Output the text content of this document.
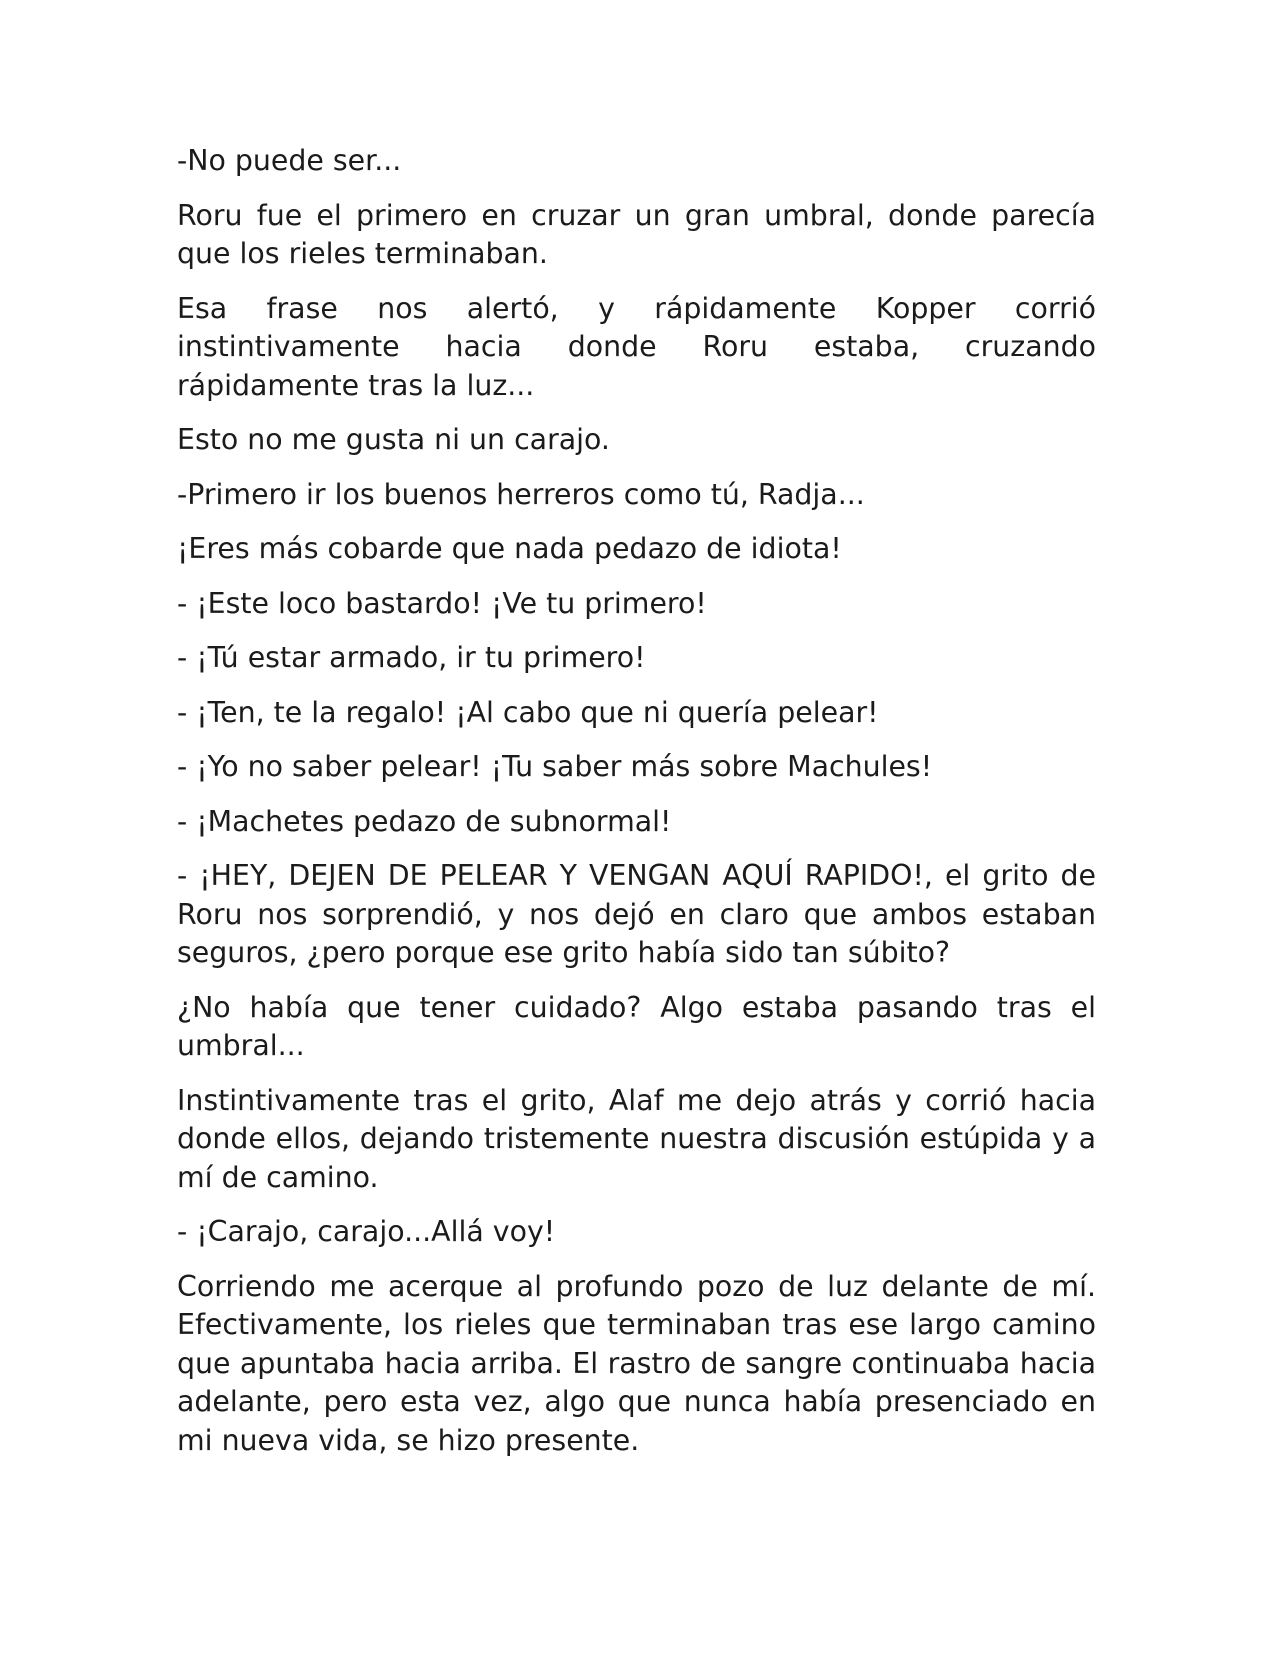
-No puede ser...

Roru fue el primero en cruzar un gran umbral, donde parecía que los rieles terminaban.

Esa frase nos alertó, y rápidamente Kopper corrió instintivamente hacia donde Roru estaba, cruzando rápidamente tras la luz...

Esto no me gusta ni un carajo.

-Primero ir los buenos herreros como tú, Radja...

¡Eres más cobarde que nada pedazo de idiota!

- ¡Este loco bastardo! ¡Ve tu primero!

- ¡Tú estar armado, ir tu primero!

- ¡Ten, te la regalo! ¡Al cabo que ni quería pelear!

- ¡Yo no saber pelear! ¡Tu saber más sobre Machules!

- ¡Machetes pedazo de subnormal!

- ¡HEY, DEJEN DE PELEAR Y VENGAN AQUÍ RAPIDO!, el grito de Roru nos sorprendió, y nos dejó en claro que ambos estaban seguros, ¿pero porque ese grito había sido tan súbito?

¿No había que tener cuidado? Algo estaba pasando tras el umbral...

Instintivamente tras el grito, Alaf me dejo atrás y corrió hacia donde ellos, dejando tristemente nuestra discusión estúpida y a mí de camino.

- ¡Carajo, carajo...Allá voy!

Corriendo me acerque al profundo pozo de luz delante de mí. Efectivamente, los rieles que terminaban tras ese largo camino que apuntaba hacia arriba. El rastro de sangre continuaba hacia adelante, pero esta vez, algo que nunca había presenciado en mi nueva vida, se hizo presente.
